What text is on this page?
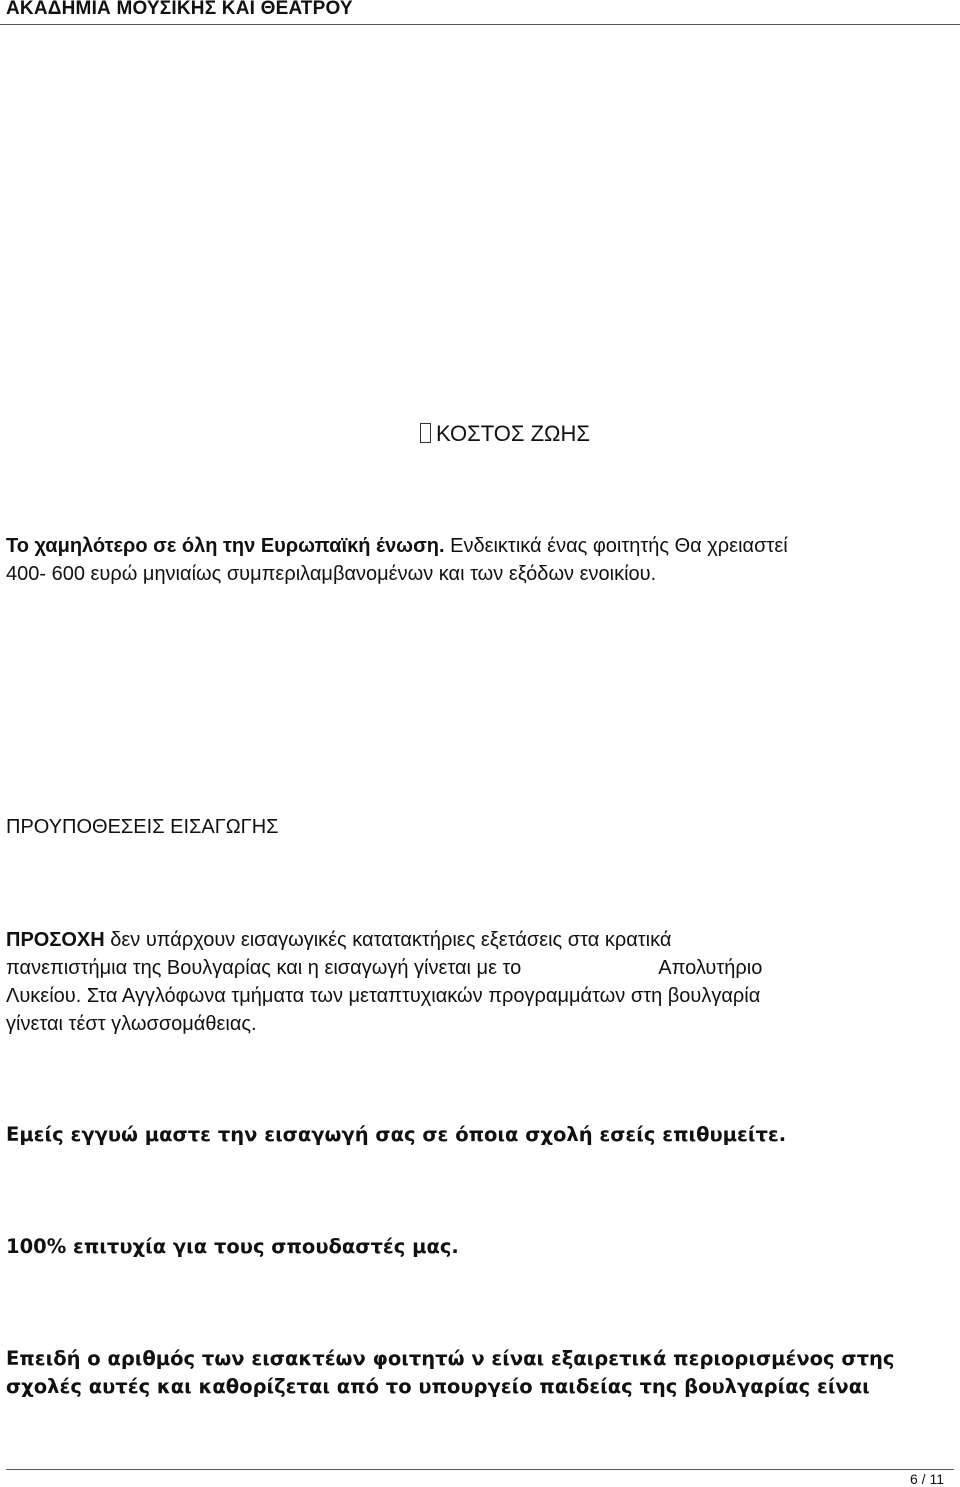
ΑΚΑΔΗΜΙΑ ΜΟΥΣΙΚΗΣ ΚΑΙ ΘΕΑΤΡΟΥ
ΚΟΣΤΟΣ ΖΩΗΣ
Το χαμηλότερο σε όλη την Ευρωπαϊκή ένωση. Ενδεικτικά ένας φοιτητής Θα χρειαστεί
400- 600 ευρώ μηνιαίως συμπεριλαμβανομένων και των εξόδων ενοικίου.
ΠΡΟΥΠΟΘΕΣΕΙΣ ΕΙΣΑΓΩΓΗΣ
ΠΡΟΣΟΧΗ δεν υπάρχουν εισαγωγικές κατατακτήριες εξετάσεις στα κρατικά
πανεπιστήμια της Βουλγαρίας και η εισαγωγή γίνεται με το	Απολυτήριο
Λυκείου. Στα Αγγλόφωνα τμήματα των μεταπτυχιακών προγραμμάτων στη βουλγαρία
γίνεται τέστ γλωσσομάθειας.
Εμείς εγγυώ μαστε την εισαγωγή σας σε όποια σχολή εσείς επιθυμείτε.
100% επιτυχία για τους σπουδαστές μας.
Επειδή ο αριθμός των εισακτέων φοιτητώ ν είναι εξαιρετικά περιορισμένος στης
σχολές αυτές και καθορίζεται από το υπουργείο παιδείας της βουλγαρίας είναι
6 / 11
